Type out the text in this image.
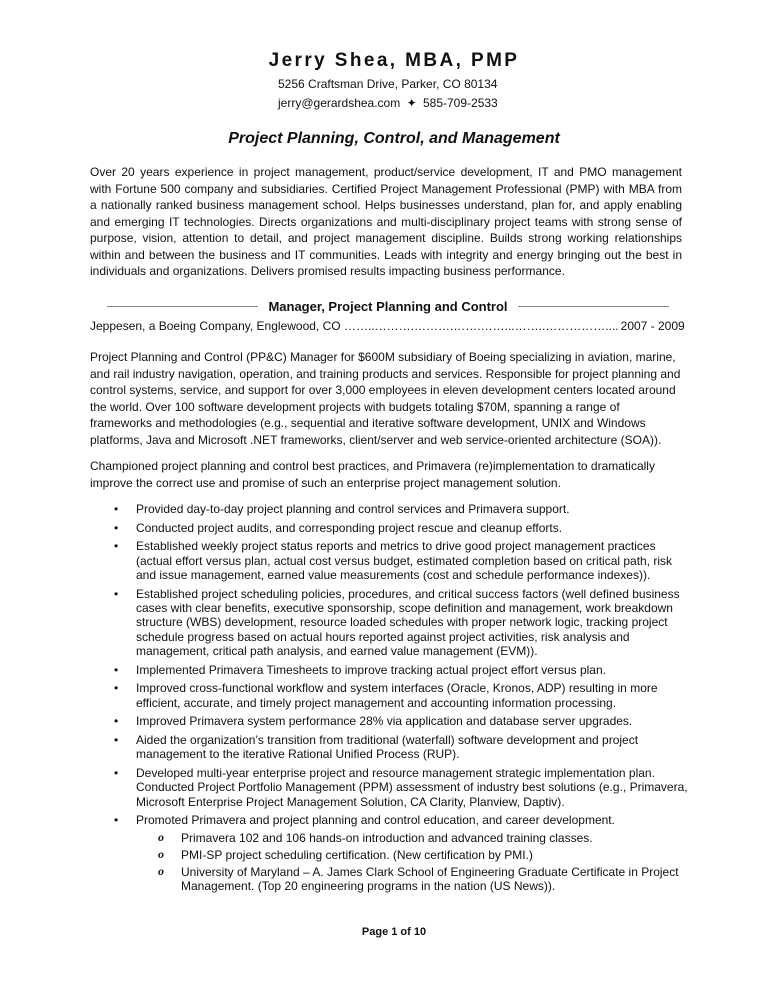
Jerry Shea, MBA, PMP
5256 Craftsman Drive, Parker, CO 80134
jerry@gerardshea.com ✦ 585-709-2533
Project Planning, Control, and Management

Over 20 years experience in project management, product/service development, IT and PMO management with Fortune 500 company and subsidiaries. Certified Project Management Professional (PMP) with MBA from a nationally ranked business management school. Helps businesses understand, plan for, and apply enabling and emerging IT technologies. Directs organizations and multi-disciplinary project teams with strong sense of purpose, vision, attention to detail, and project management discipline. Builds strong working relationships within and between the business and IT communities. Leads with integrity and energy bringing out the best in individuals and organizations. Delivers promised results impacting business performance.

Manager, Project Planning and Control
Jeppesen, a Boeing Company, Englewood, CO
……..……….……….…….……...……..…………….... 2007 - 2009

Project Planning and Control (PP&C) Manager for $600M subsidiary of Boeing specializing in aviation, marine, and rail industry navigation, operation, and training products and services. Responsible for project planning and control systems, service, and support for over 3,000 employees in eleven development centers located around the world. Over 100 software development projects with budgets totaling $70M, spanning a range of frameworks and methodologies (e.g., sequential and iterative software development, UNIX and Windows platforms, Java and Microsoft .NET frameworks, client/server and web service-oriented architecture (SOA)).

Championed project planning and control best practices, and Primavera (re)implementation to dramatically improve the correct use and promise of such an enterprise project management solution.

• Provided day-to-day project planning and control services and Primavera support.
• Conducted project audits, and corresponding project rescue and cleanup efforts.
• Established weekly project status reports and metrics to drive good project management practices (actual effort versus plan, actual cost versus budget, estimated completion based on critical path, risk and issue management, earned value measurements (cost and schedule performance indexes)).
• Established project scheduling policies, procedures, and critical success factors (well defined business cases with clear benefits, executive sponsorship, scope definition and management, work breakdown structure (WBS) development, resource loaded schedules with proper network logic, tracking project schedule progress based on actual hours reported against project activities, risk analysis and management, critical path analysis, and earned value management (EVM)).
• Implemented Primavera Timesheets to improve tracking actual project effort versus plan.
• Improved cross-functional workflow and system interfaces (Oracle, Kronos, ADP) resulting in more efficient, accurate, and timely project management and accounting information processing.
• Improved Primavera system performance 28% via application and database server upgrades.
• Aided the organization’s transition from traditional (waterfall) software development and project management to the iterative Rational Unified Process (RUP).
• Developed multi-year enterprise project and resource management strategic implementation plan. Conducted Project Portfolio Management (PPM) assessment of industry best solutions (e.g., Primavera, Microsoft Enterprise Project Management Solution, CA Clarity, Planview, Daptiv).
• Promoted Primavera and project planning and control education, and career development.
o Primavera 102 and 106 hands-on introduction and advanced training classes.
o PMI-SP project scheduling certification. (New certification by PMI.)
o University of Maryland – A. James Clark School of Engineering Graduate Certificate in Project Management. (Top 20 engineering programs in the nation (US News)).
Page 1 of 10
